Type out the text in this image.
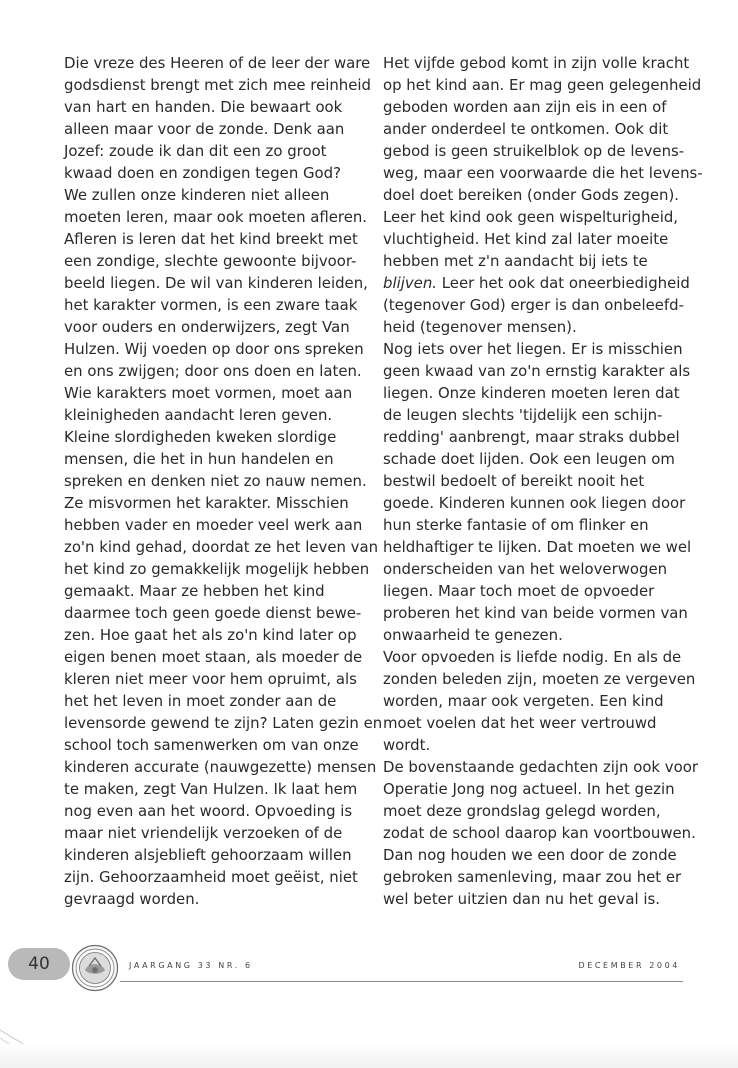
Die vreze des Heeren of de leer der ware

godsdienst brengt met zich mee reinheid

van hart en handen. Die bewaart ook

alleen maar voor de zonde. Denk aan

Jozef: zoude ik dan dit een zo groot

kwaad doen en zondigen tegen God?

We zullen onze kinderen niet alleen

moeten leren, maar ook moeten afleren.

Afleren is leren dat het kind breekt met

een zondige, slechte gewoonte bijvoor-

beeld liegen. De wil van kinderen leiden,

het karakter vormen, is een zware taak

voor ouders en onderwijzers, zegt Van

Hulzen. Wij voeden op door ons spreken

en ons zwijgen; door ons doen en laten.

Wie karakters moet vormen, moet aan

kleinigheden aandacht leren geven.

Kleine slordigheden kweken slordige

mensen, die het in hun handelen en

spreken en denken niet zo nauw nemen.

Ze misvormen het karakter. Misschien

hebben vader en moeder veel werk aan

zo'n kind gehad, doordat ze het leven van

het kind zo gemakkelijk mogelijk hebben

gemaakt. Maar ze hebben het kind

daarmee toch geen goede dienst bewe-

zen. Hoe gaat het als zo'n kind later op

eigen benen moet staan, als moeder de

kleren niet meer voor hem opruimt, als

het het leven in moet zonder aan de

levensorde gewend te zijn? Laten gezin en

school toch samenwerken om van onze

kinderen accurate (nauwgezette) mensen

te maken, zegt Van Hulzen. Ik laat hem

nog even aan het woord. Opvoeding is

maar niet vriendelijk verzoeken of de

kinderen alsjeblieft gehoorzaam willen

zijn. Gehoorzaamheid moet geëist, niet

gevraagd worden.

Het vijfde gebod komt in zijn volle kracht

op het kind aan. Er mag geen gelegenheid

geboden worden aan zijn eis in een of

ander onderdeel te ontkomen. Ook dit

gebod is geen struikelblok op de levens-

weg, maar een voorwaarde die het levens-

doel doet bereiken (onder Gods zegen).

Leer het kind ook geen wispelturigheid,

vluchtigheid. Het kind zal later moeite

hebben met z'n aandacht bij iets te

blijven. Leer het ook dat oneerbiedigheid

(tegenover God) erger is dan onbeleefd-

heid (tegenover mensen).

Nog iets over het liegen. Er is misschien

geen kwaad van zo'n ernstig karakter als

liegen. Onze kinderen moeten leren dat

de leugen slechts 'tijdelijk een schijn-

redding' aanbrengt, maar straks dubbel

schade doet lijden. Ook een leugen om

bestwil bedoelt of bereikt nooit het

goede. Kinderen kunnen ook liegen door

hun sterke fantasie of om flinker en

heldhaftiger te lijken. Dat moeten we wel

onderscheiden van het weloverwogen

liegen. Maar toch moet de opvoeder

proberen het kind van beide vormen van

onwaarheid te genezen.

Voor opvoeden is liefde nodig. En als de

zonden beleden zijn, moeten ze vergeven

worden, maar ook vergeten. Een kind

moet voelen dat het weer vertrouwd

wordt.

De bovenstaande gedachten zijn ook voor

Operatie Jong nog actueel. In het gezin

moet deze grondslag gelegd worden,

zodat de school daarop kan voortbouwen.

Dan nog houden we een door de zonde

gebroken samenleving, maar zou het er

wel beter uitzien dan nu het geval is.

40	JAARGANG 33 NR. 6	DECEMBER 2004
